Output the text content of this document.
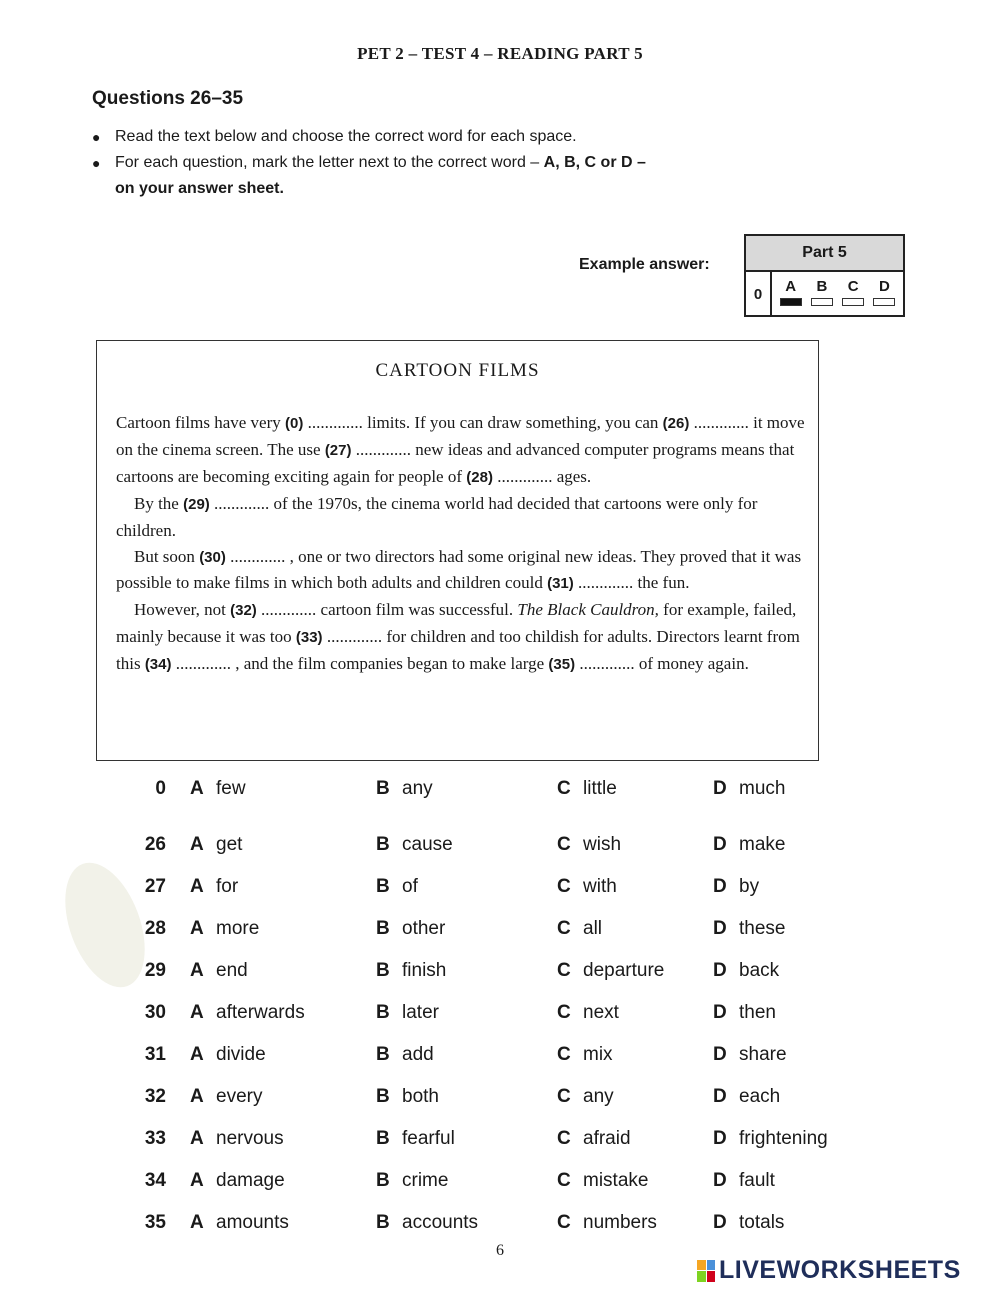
PET 2 – TEST 4 – READING PART 5
Questions 26–35
● Read the text below and choose the correct word for each space.
● For each question, mark the letter next to the correct word – A, B, C or D –
on your answer sheet.
Example answer:
Part 5
0	A	B	C	D
CARTOON FILMS

Cartoon films have very (0) ............. limits. If you can draw something, you can (26) ............. it move on the cinema screen. The use (27) ............. new ideas and advanced computer programs means that cartoons are becoming exciting again for people of (28) ............. ages.

By the (29) ............. of the 1970s, the cinema world had decided that cartoons were only for children.

But soon (30) ............. , one or two directors had some original new ideas. They proved that it was possible to make films in which both adults and children could (31) ............. the fun.

However, not (32) ............. cartoon film was successful. The Black Cauldron, for example, failed, mainly because it was too (33) ............. for children and too childish for adults. Directors learnt from this (34) ............. , and the film companies began to make large (35) ............. of money again.

0 A few	B any	C little	D much
26 A get	B cause	C wish	D make
27 A for	B of	C with	D by
28 A more	B other	C all	D these
29 A end	B finish	C departure	D back
30 A afterwards	B later	C next	D then
31 A divide	B add	C mix	D share
32 A every	B both	C any	D each
33 A nervous	B fearful	C afraid	D frightening
34 A damage	B crime	C mistake	D fault
35 A amounts	B accounts	C numbers	D totals
6
LIVEWORKSHEETS
